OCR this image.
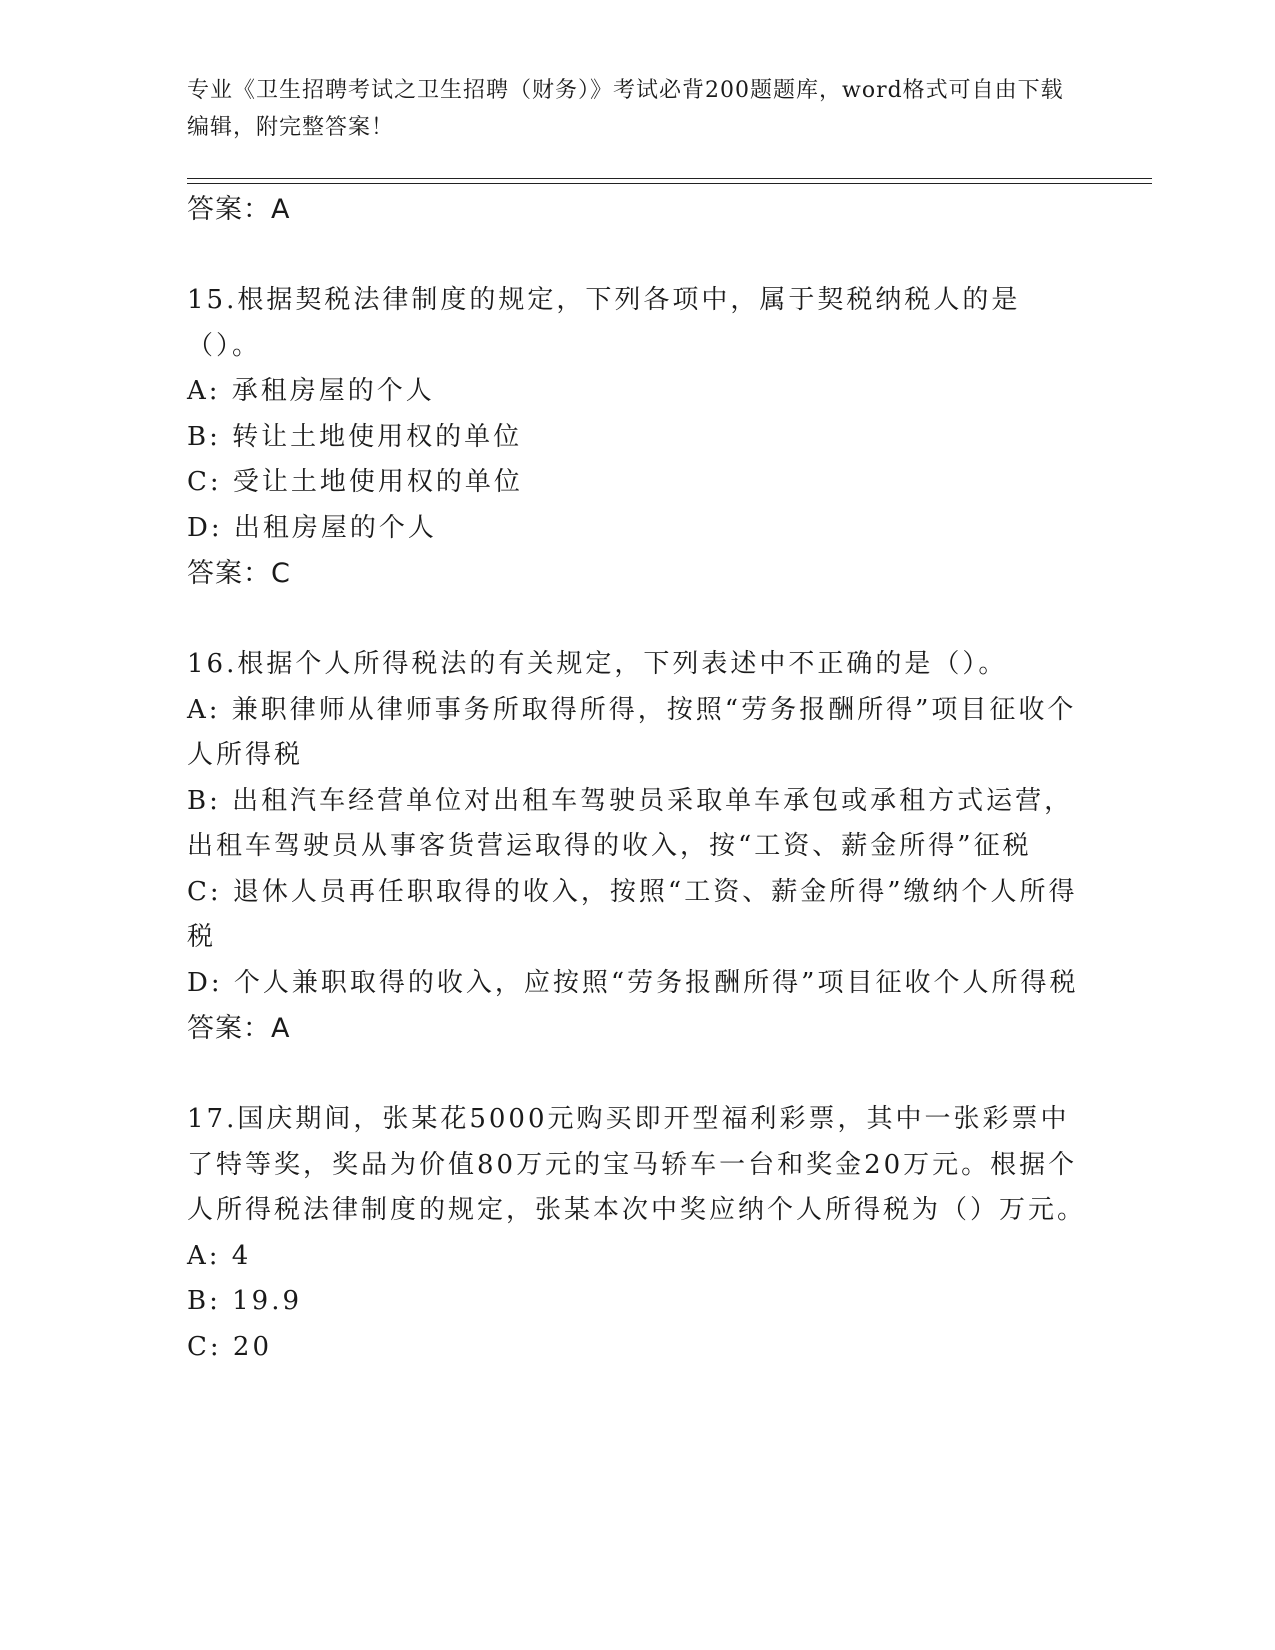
专业《卫生招聘考试之卫生招聘（财务）》考试必背200题题库，word格式可自由下载编辑，附完整答案！

答案：A

15.根据契税法律制度的规定，下列各项中，属于契税纳税人的是（）。

A: 承租房屋的个人

B: 转让土地使用权的单位

C: 受让土地使用权的单位

D: 出租房屋的个人

答案：C

16.根据个人所得税法的有关规定，下列表述中不正确的是（）。

A: 兼职律师从律师事务所取得所得，按照“劳务报酬所得”项目征收个人所得税

B: 出租汽车经营单位对出租车驾驶员采取单车承包或承租方式运营，出租车驾驶员从事客货营运取得的收入，按“工资、薪金所得”征税

C: 退休人员再任职取得的收入，按照“工资、薪金所得”缴纳个人所得税

D: 个人兼职取得的收入，应按照“劳务报酬所得”项目征收个人所得税

答案：A

17.国庆期间，张某花5000元购买即开型福利彩票，其中一张彩票中了特等奖，奖品为价值80万元的宝马轿车一台和奖金20万元。根据个人所得税法律制度的规定，张某本次中奖应纳个人所得税为（）万元。

A: 4

B: 19.9

C: 20
